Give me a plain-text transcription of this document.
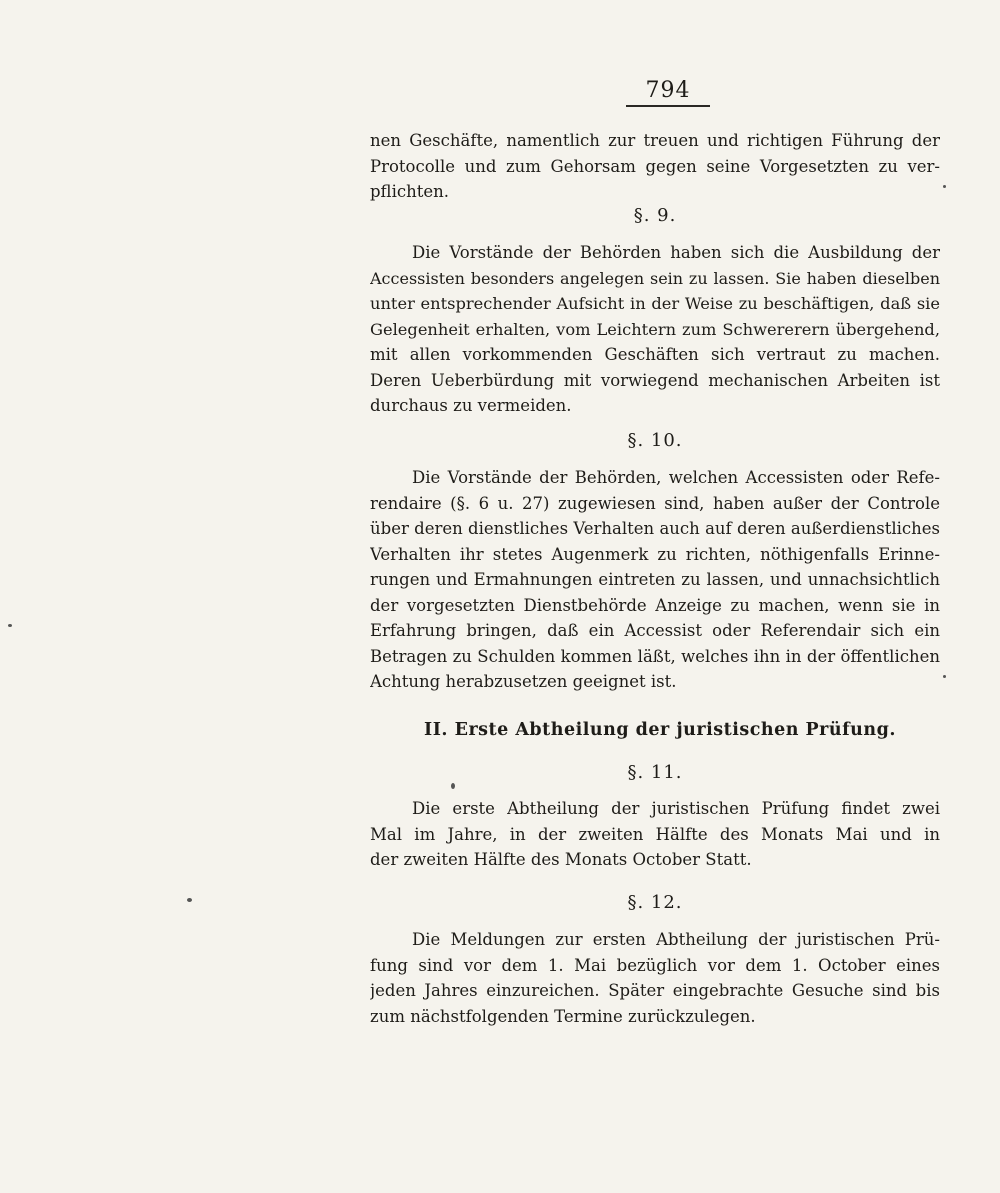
794
nen Geschäfte, namentlich zur treuen und richtigen Führung der
Protocolle und zum Gehorsam gegen seine Vorgesetzten zu ver-
pflichten.
§. 9.
Die Vorstände der Behörden haben sich die Ausbildung der
Accessisten besonders angelegen sein zu lassen. Sie haben dieselben
unter entsprechender Aufsicht in der Weise zu beschäftigen, daß sie
Gelegenheit erhalten, vom Leichtern zum Schwererern übergehend,
mit allen vorkommenden Geschäften sich vertraut zu machen.
Deren Ueberbürdung mit vorwiegend mechanischen Arbeiten ist
durchaus zu vermeiden.
§. 10.
Die Vorstände der Behörden, welchen Accessisten oder Refe-
rendaire (§. 6 u. 27) zugewiesen sind, haben außer der Controle
über deren dienstliches Verhalten auch auf deren außerdienstliches
Verhalten ihr stetes Augenmerk zu richten, nöthigenfalls Erinne-
rungen und Ermahnungen eintreten zu lassen, und unnachsichtlich
der vorgesetzten Dienstbehörde Anzeige zu machen, wenn sie in
Erfahrung bringen, daß ein Accessist oder Referendair sich ein
Betragen zu Schulden kommen läßt, welches ihn in der öffentlichen
Achtung herabzusetzen geeignet ist.
II. Erste Abtheilung der juristischen Prüfung.
§. 11.
Die erste Abtheilung der juristischen Prüfung findet zwei
Mal im Jahre, in der zweiten Hälfte des Monats Mai und in
der zweiten Hälfte des Monats October Statt.
§. 12.
Die Meldungen zur ersten Abtheilung der juristischen Prü-
fung sind vor dem 1. Mai bezüglich vor dem 1. October eines
jeden Jahres einzureichen. Später eingebrachte Gesuche sind bis
zum nächstfolgenden Termine zurückzulegen.
